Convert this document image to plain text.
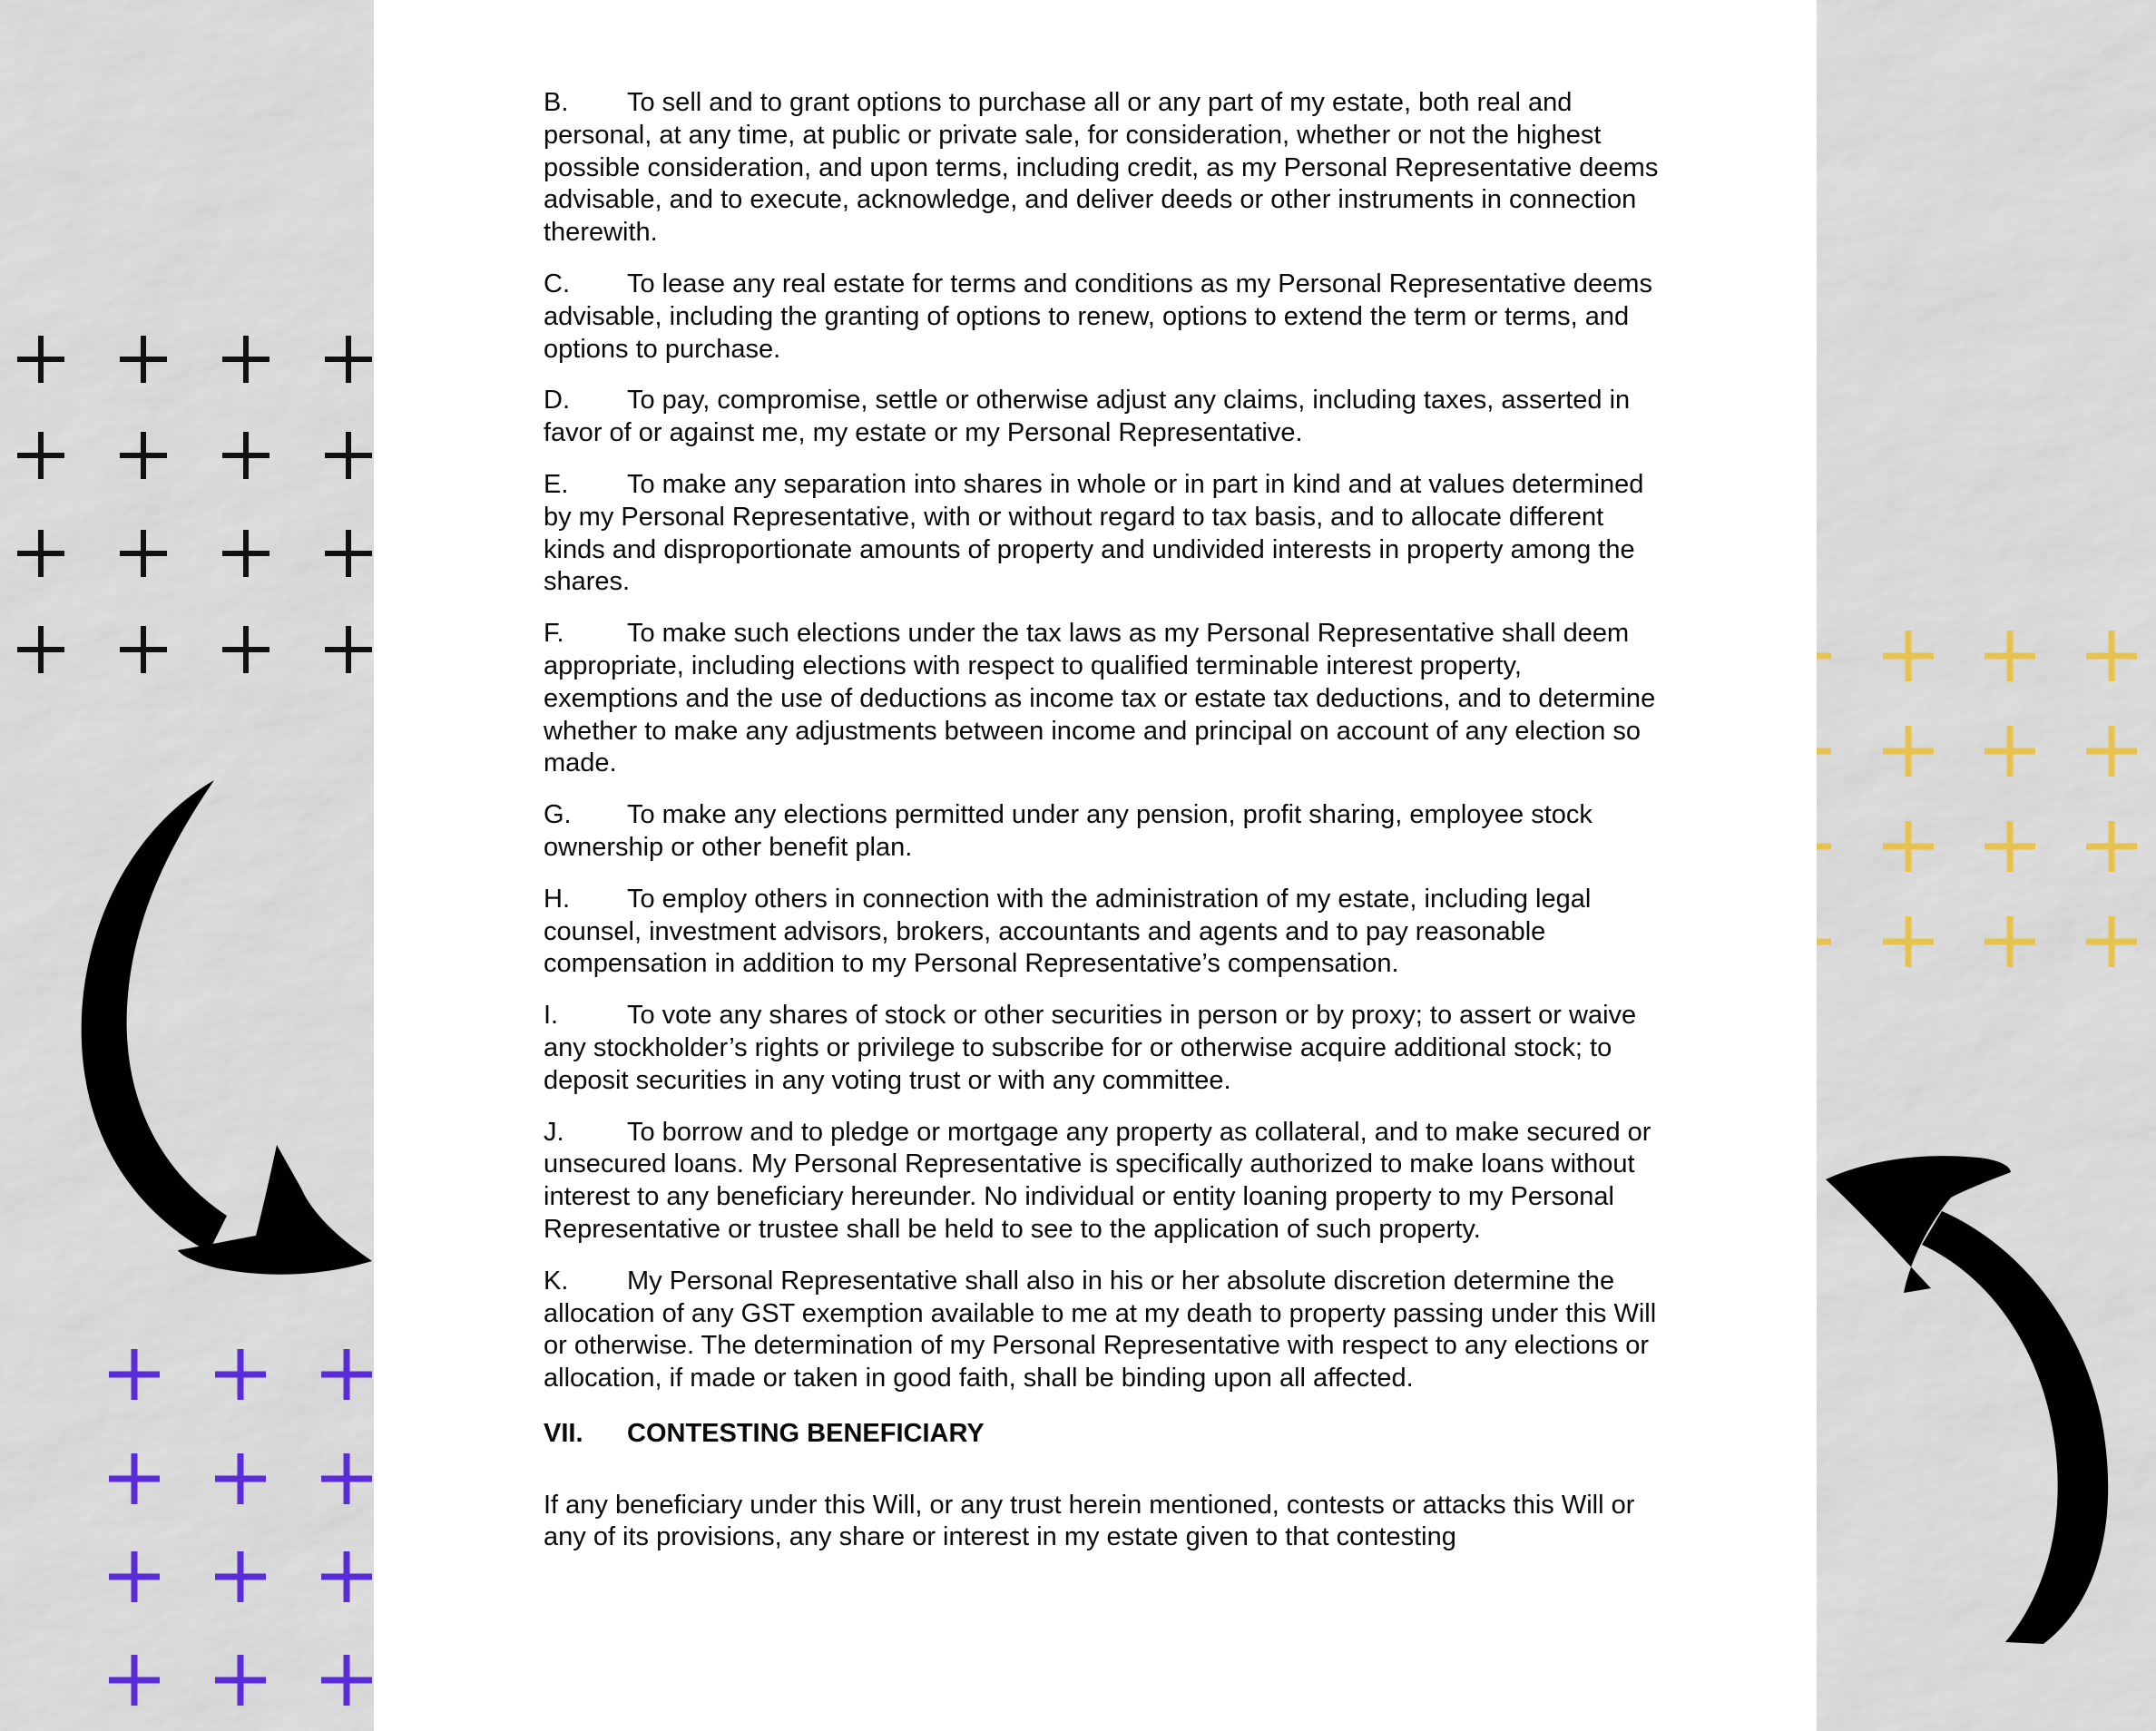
B. To sell and to grant options to purchase all or any part of my estate, both real and personal, at any time, at public or private sale, for consideration, whether or not the highest possible consideration, and upon terms, including credit, as my Personal Representative deems advisable, and to execute, acknowledge, and deliver deeds or other instruments in connection therewith.
C. To lease any real estate for terms and conditions as my Personal Representative deems advisable, including the granting of options to renew, options to extend the term or terms, and options to purchase.
D. To pay, compromise, settle or otherwise adjust any claims, including taxes, asserted in favor of or against me, my estate or my Personal Representative.
E. To make any separation into shares in whole or in part in kind and at values determined by my Personal Representative, with or without regard to tax basis, and to allocate different kinds and disproportionate amounts of property and undivided interests in property among the shares.
F. To make such elections under the tax laws as my Personal Representative shall deem appropriate, including elections with respect to qualified terminable interest property, exemptions and the use of deductions as income tax or estate tax deductions, and to determine whether to make any adjustments between income and principal on account of any election so made.
G. To make any elections permitted under any pension, profit sharing, employee stock ownership or other benefit plan.
H. To employ others in connection with the administration of my estate, including legal counsel, investment advisors, brokers, accountants and agents and to pay reasonable compensation in addition to my Personal Representative’s compensation.
I.	To vote any shares of stock or other securities in person or by proxy; to assert or waive any stockholder’s rights or privilege to subscribe for or otherwise acquire additional stock; to deposit securities in any voting trust or with any committee.
J. To borrow and to pledge or mortgage any property as collateral, and to make secured or unsecured loans. My Personal Representative is specifically authorized to make loans without interest to any beneficiary hereunder. No individual or entity loaning property to my Personal Representative or trustee shall be held to see to the application of such property.
K. My Personal Representative shall also in his or her absolute discretion determine the allocation of any GST exemption available to me at my death to property passing under this Will or otherwise. The determination of my Personal Representative with respect to any elections or allocation, if made or taken in good faith, shall be binding upon all affected.
VII. CONTESTING BENEFICIARY
If any beneficiary under this Will, or any trust herein mentioned, contests or attacks this Will or any of its provisions, any share or interest in my estate given to that contesting
